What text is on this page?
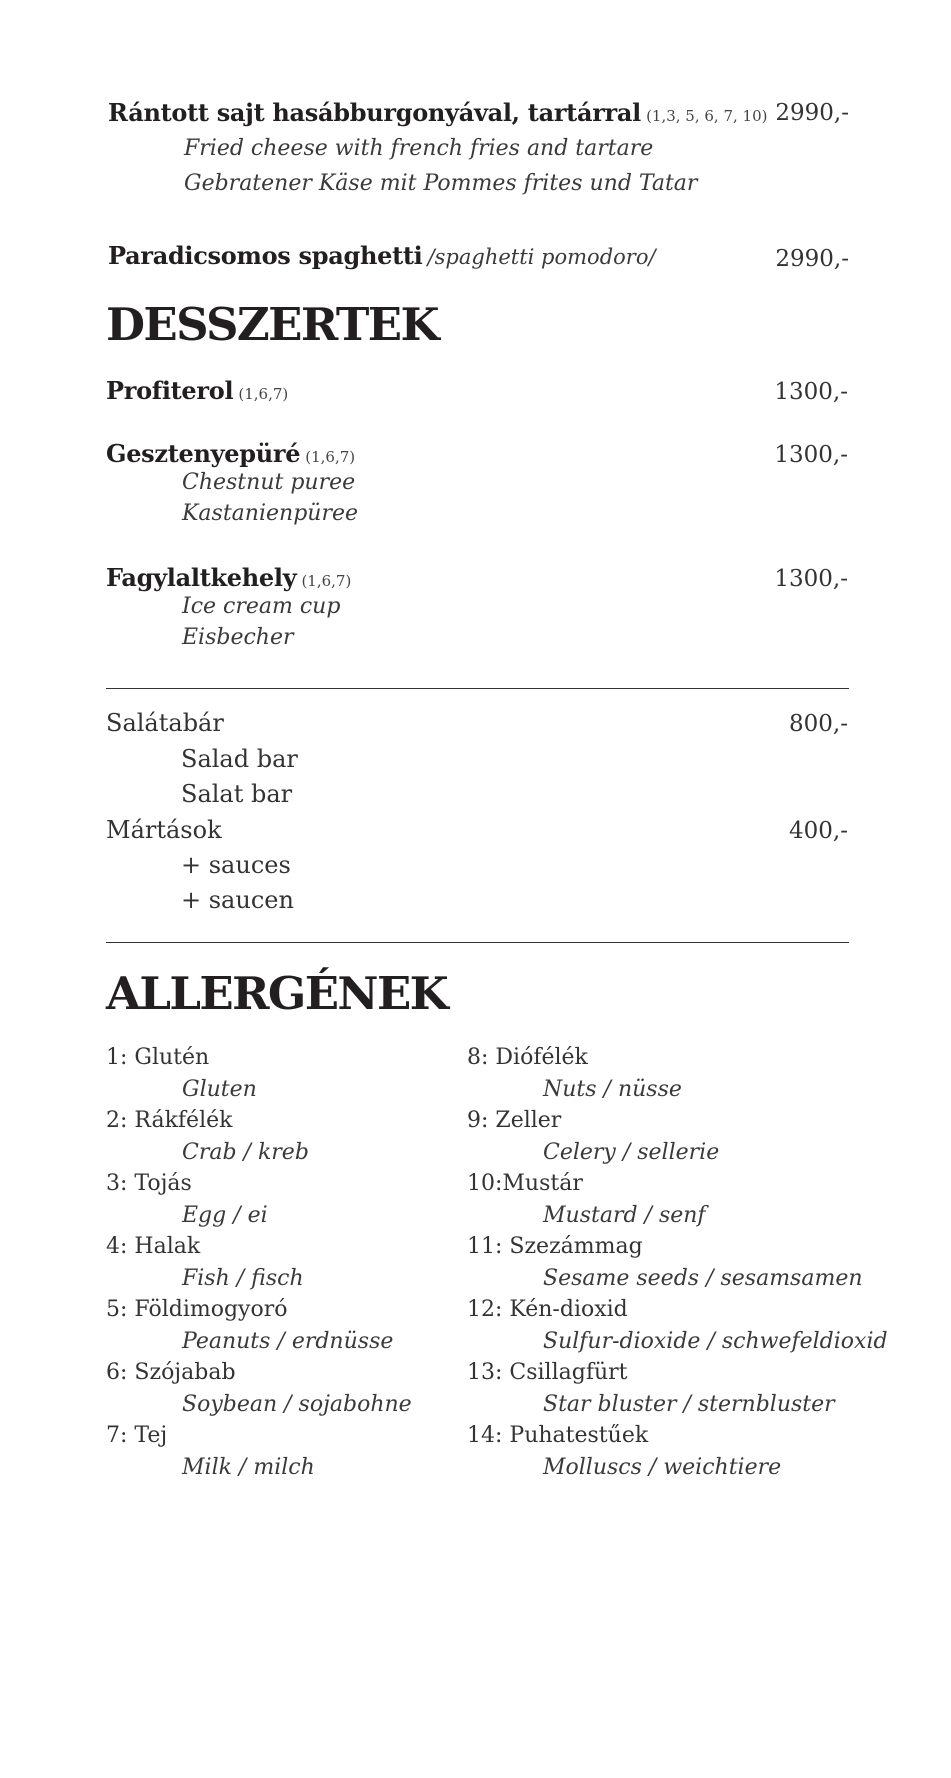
Rántott sajt hasábburgonyával, tartárral (1,3, 5, 6, 7, 10) 2990,-
Fried cheese with french fries and tartare
Gebratener Käse mit Pommes frites und Tatar
Paradicsomos spaghetti /spaghetti pomodoro/	2990,-
DESSZERTEK
Profiterol (1,6,7)	1300,-
Gesztenyepüré (1,6,7)	1300,-
Chestnut puree
Kastanienpüree
Fagylaltkehely (1,6,7)	1300,-
Ice cream cup
Eisbecher
Salátabár	800,-
Salad bar
Salat bar
Mártások	400,-
+ sauces
+ saucen
ALLERGÉNEK
1: Glutén
Gluten
2: Rákfélék
Crab / kreb
3: Tojás
Egg / ei
4: Halak
Fish / fisch
5: Földimogyoró
Peanuts / erdnüsse
6: Szójabab
Soybean / sojabohne
7: Tej
Milk / milch
8: Diófélék
Nuts / nüsse
9: Zeller
Celery / sellerie
10:Mustár
Mustard / senf
11: Szezámmag
Sesame seeds / sesamsamen
12: Kén-dioxid
Sulfur-dioxide / schwefeldioxid
13: Csillagfürt
Star bluster / sternbluster
14: Puhatestűek
Molluscs / weichtiere
